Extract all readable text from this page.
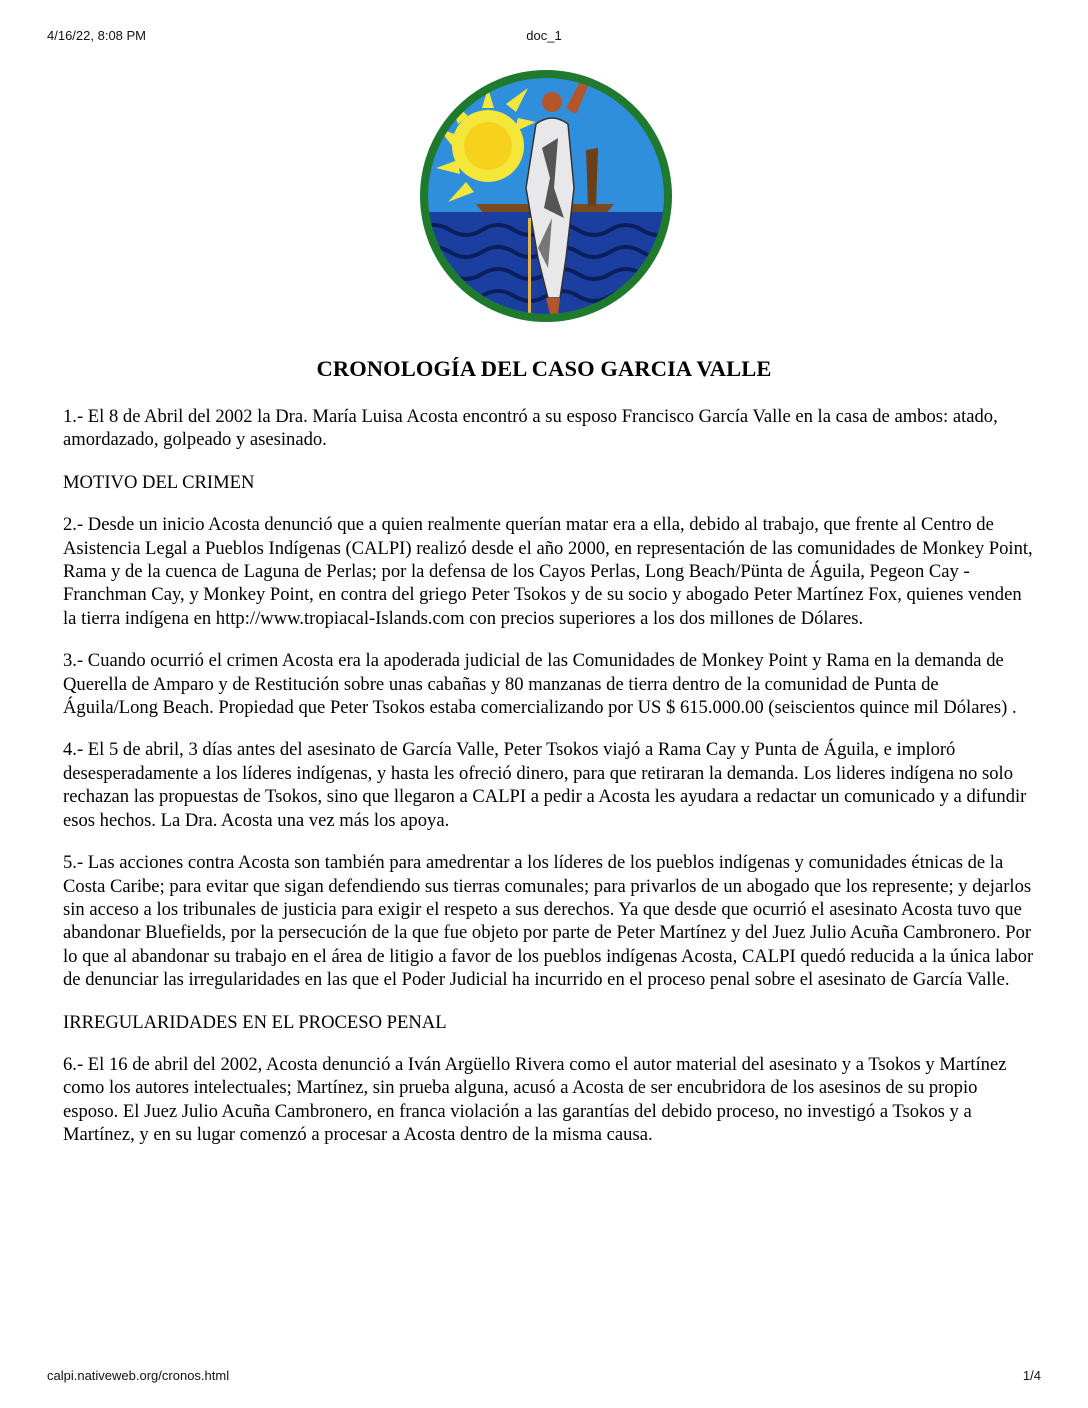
4/16/22, 8:08 PM	doc_1
CRONOLOGÍA DEL CASO GARCIA VALLE

1.- El 8 de Abril del 2002 la Dra. María Luisa Acosta encontró a su esposo Francisco García Valle en la casa de ambos: atado, amordazado, golpeado y asesinado.

MOTIVO DEL CRIMEN

2.- Desde un inicio Acosta denunció que a quien realmente querían matar era a ella, debido al trabajo, que frente al Centro de Asistencia Legal a Pueblos Indígenas (CALPI) realizó desde el año 2000, en representación de las comunidades de Monkey Point, Rama y de la cuenca de Laguna de Perlas; por la defensa de los Cayos Perlas, Long Beach/Pünta de Águila, Pegeon Cay - Franchman Cay, y Monkey Point, en contra del griego Peter Tsokos y de su socio y abogado Peter Martínez Fox, quienes venden la tierra indígena en http://www.tropiacal-Islands.com con precios superiores a los dos millones de Dólares.

3.- Cuando ocurrió el crimen Acosta era la apoderada judicial de las Comunidades de Monkey Point y Rama en la demanda de Querella de Amparo y de Restitución sobre unas cabañas y 80 manzanas de tierra dentro de la comunidad de Punta de Águila/Long Beach. Propiedad que Peter Tsokos estaba comercializando por US $ 615.000.00 (seiscientos quince mil Dólares) .

4.- El 5 de abril, 3 días antes del asesinato de García Valle, Peter Tsokos viajó a Rama Cay y Punta de Águila, e imploró desesperadamente a los líderes indígenas, y hasta les ofreció dinero, para que retiraran la demanda. Los lideres indígena no solo rechazan las propuestas de Tsokos, sino que llegaron a CALPI a pedir a Acosta les ayudara a redactar un comunicado y a difundir esos hechos. La Dra. Acosta una vez más los apoya.

5.- Las acciones contra Acosta son también para amedrentar a los líderes de los pueblos indígenas y comunidades étnicas de la Costa Caribe; para evitar que sigan defendiendo sus tierras comunales; para privarlos de un abogado que los represente; y dejarlos sin acceso a los tribunales de justicia para exigir el respeto a sus derechos. Ya que desde que ocurrió el asesinato Acosta tuvo que abandonar Bluefields, por la persecución de la que fue objeto por parte de Peter Martínez y del Juez Julio Acuña Cambronero. Por lo que al abandonar su trabajo en el área de litigio a favor de los pueblos indígenas Acosta, CALPI quedó reducida a la única labor de denunciar las irregularidades en las que el Poder Judicial ha incurrido en el proceso penal sobre el asesinato de García Valle.

IRREGULARIDADES EN EL PROCESO PENAL

6.- El 16 de abril del 2002, Acosta denunció a Iván Argüello Rivera como el autor material del asesinato y a Tsokos y Martínez como los autores intelectuales; Martínez, sin prueba alguna, acusó a Acosta de ser encubridora de los asesinos de su propio esposo. El Juez Julio Acuña Cambronero, en franca violación a las garantías del debido proceso, no investigó a Tsokos y a Martínez, y en su lugar comenzó a procesar a Acosta dentro de la misma causa.

calpi.nativeweb.org/cronos.html	1/4
